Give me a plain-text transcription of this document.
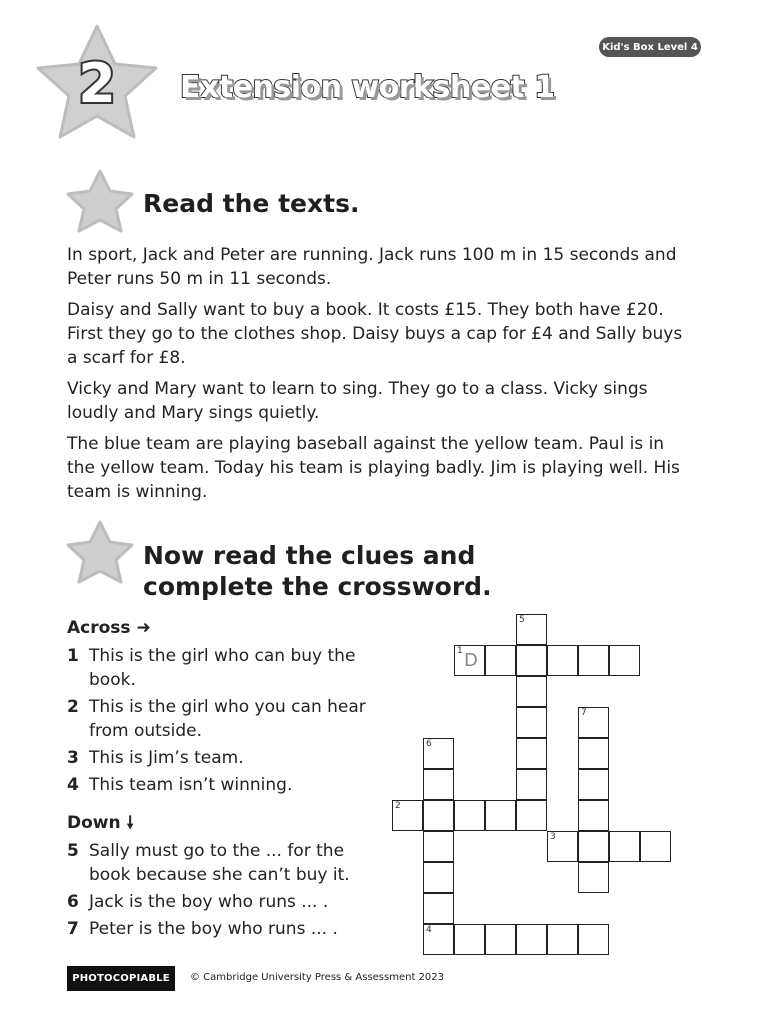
2 Extension worksheet 1
Kid's Box Level 4
Read the texts.

In sport, Jack and Peter are running. Jack runs 100 m in 15 seconds and Peter runs 50 m in 11 seconds.

Daisy and Sally want to buy a book. It costs £15. They both have £20. First they go to the clothes shop. Daisy buys a cap for £4 and Sally buys a scarf for £8.

Vicky and Mary want to learn to sing. They go to a class. Vicky sings loudly and Mary sings quietly.

The blue team are playing baseball against the yellow team. Paul is in the yellow team. Today his team is playing badly. Jim is playing well. His team is winning.

Now read the clues and complete the crossword.
Across ➜
1 This is the girl who can buy the book.
2 This is the girl who you can hear from outside.
3 This is Jim’s team.
4 This team isn’t winning.
Down 🠗
5 Sally must go to the ... for the book because she can’t buy it.
6 Jack is the boy who runs ... .
7 Peter is the boy who runs ... .
1 D
5
7
6
4
2
3
PHOTOCOPIABLE	© Cambridge University Press & Assessment 2023
